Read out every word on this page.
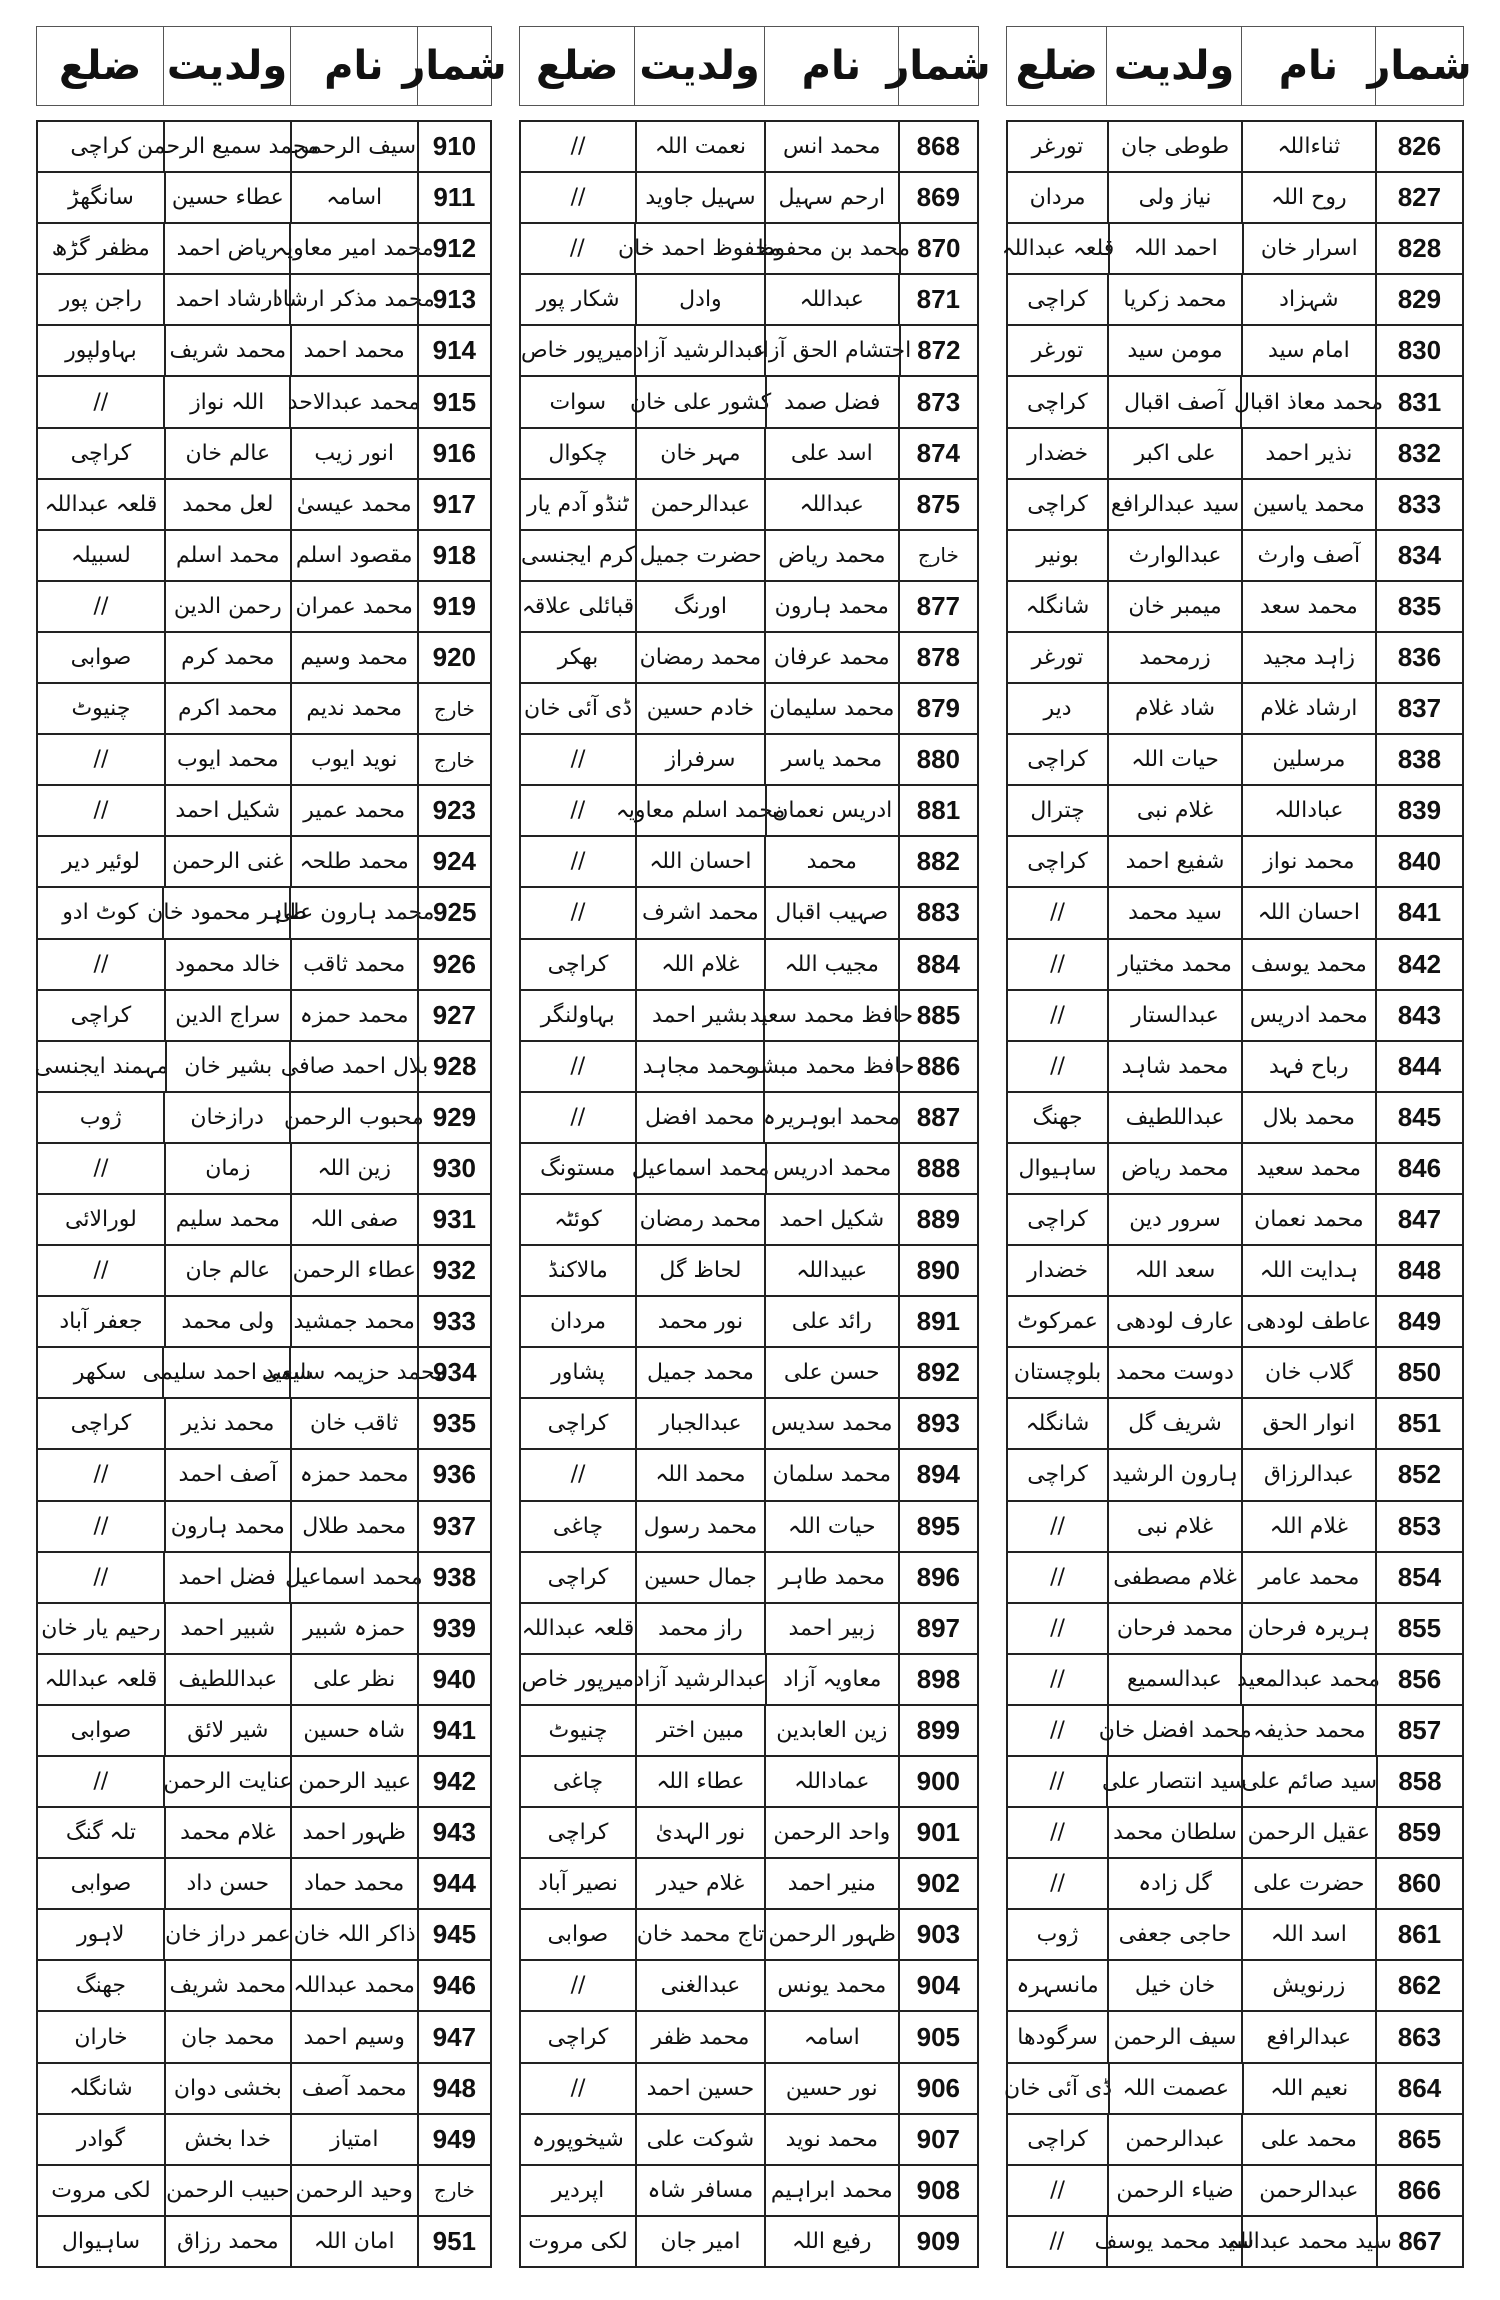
شمار
نام
ولدیت
ضلع
826
ثناءاللہ
طوطی جان
تورغر
827
روح اللہ
نیاز ولی
مردان
828
اسرار خان
احمد اللہ
قلعہ عبداللہ
829
شہزاد
محمد زکریا
کراچی
830
امام سید
مومن سید
تورغر
831
محمد معاذ اقبال
آصف اقبال
کراچی
832
نذیر احمد
علی اکبر
خضدار
833
محمد یاسین
سید عبدالرافع
کراچی
834
آصف وارث
عبدالوارث
بونیر
835
محمد سعد
میمبر خان
شانگلہ
836
زاہد مجید
زرمحمد
تورغر
837
ارشاد غلام
شاد غلام
دیر
838
مرسلین
حیات اللہ
کراچی
839
عباداللہ
غلام نبی
چترال
840
محمد نواز
شفیع احمد
کراچی
841
احسان اللہ
سید محمد
//
842
محمد یوسف
محمد مختیار
//
843
محمد ادریس
عبدالستار
//
844
رباح فہد
محمد شاہد
//
845
محمد بلال
عبداللطیف
جھنگ
846
محمد سعید
محمد ریاض
ساہیوال
847
محمد نعمان
سرور دین
کراچی
848
ہدایت اللہ
سعد اللہ
خضدار
849
عاطف لودھی
عارف لودھی
عمرکوٹ
850
گلاب خان
دوست محمد
بلوچستان
851
انوار الحق
شریف گل
شانگلہ
852
عبدالرزاق
ہارون الرشید
کراچی
853
غلام اللہ
غلام نبی
//
854
محمد عامر
غلام مصطفی
//
855
ہریرہ فرحان
محمد فرحان
//
856
محمد عبدالمعید
عبدالسمیع
//
857
محمد حذیفہ
محمد افضل خان
//
858
سید صائم علی
سید انتصار علی
//
859
عقیل الرحمن
سلطان محمد
//
860
حضرت علی
گل زادہ
//
861
اسد اللہ
حاجی جعفی
ژوب
862
زرنویش
خان خیل
مانسہرہ
863
عبدالرافع
سیف الرحمن
سرگودھا
864
نعیم اللہ
عصمت اللہ
ڈی آئی خان
865
محمد علی
عبدالرحمن
کراچی
866
عبدالرحمن
ضیاء الرحمن
//
867
سید محمد عبداللہ
سید محمد یوسف
//
شمار
نام
ولدیت
ضلع
868
محمد انس
نعمت اللہ
//
869
ارحم سہیل
سہیل جاوید
//
870
محمد بن محفوظ
محفوظ احمد خان
//
871
عبداللہ
وادل
شکار پور
872
احتشام الحق آزاد
عبدالرشید آزاد
میرپور خاص
873
فضل صمد
کشور علی خان
سوات
874
اسد علی
مہر خان
چکوال
875
عبداللہ
عبدالرحمن
ٹنڈو آدم یار
خارج
محمد ریاض
حضرت جمیل
کرم ایجنسی
877
محمد ہارون
اورنگ
قبائلی علاقہ
878
محمد عرفان
محمد رمضان
بھکر
879
محمد سلیمان
خادم حسین
ڈی آئی خان
880
محمد یاسر
سرفراز
//
881
ادریس نعمان
محمد اسلم معاویہ
//
882
محمد
احسان اللہ
//
883
صہیب اقبال
محمد اشرف
//
884
مجیب اللہ
غلام اللہ
کراچی
885
حافظ محمد سعید
بشیر احمد
بہاولنگر
886
حافظ محمد مبشر
محمد مجاہد
//
887
محمد ابوہریرہ
محمد افضل
//
888
محمد ادریس
محمد اسماعیل
مستونگ
889
شکیل احمد
محمد رمضان
کوئٹہ
890
عبیداللہ
لحاظ گل
مالاکنڈ
891
رائد علی
نور محمد
مردان
892
حسن علی
محمد جمیل
پشاور
893
محمد سدیس
عبدالجبار
کراچی
894
محمد سلمان
محمد اللہ
//
895
حیات اللہ
محمد رسول
چاغی
896
محمد طاہر
جمال حسین
کراچی
897
زبیر احمد
راز محمد
قلعہ عبداللہ
898
معاویہ آزاد
عبدالرشید آزاد
میرپور خاص
899
زین العابدین
مبین اختر
چنیوٹ
900
عماداللہ
عطاء اللہ
چاغی
901
واحد الرحمن
نور الہدیٰ
کراچی
902
منیر احمد
غلام حیدر
نصیر آباد
903
ظہور الرحمن
تاج محمد خان
صوابی
904
محمد یونس
عبدالغنی
//
905
اسامہ
محمد ظفر
کراچی
906
نور حسین
حسین احمد
//
907
محمد نوید
شوکت علی
شیخوپورہ
908
محمد ابراہیم
مسافر شاہ
اپردیر
909
رفیع اللہ
امیر جان
لکی مروت
شمار
نام
ولدیت
ضلع
910
سیف الرحمن
محمد سمیع الرحمن
کراچی
911
اسامہ
عطاء حسین
سانگھڑ
912
محمد امیر معاویہ
ریاض احمد
مظفر گڑھ
913
محمد مذکر ارشاد
ارشاد احمد
راجن پور
914
محمد احمد
محمد شریف
بہاولپور
915
محمد عبدالاحد
اللہ نواز
//
916
انور زیب
عالم خان
کراچی
917
محمد عیسیٰ
لعل محمد
قلعہ عبداللہ
918
مقصود اسلم
محمد اسلم
لسبیلہ
919
محمد عمران
رحمن الدین
//
920
محمد وسیم
محمد کرم
صوابی
خارج
محمد ندیم
محمد اکرم
چنیوٹ
خارج
نوید ایوب
محمد ایوب
//
923
محمد عمیر
شکیل احمد
//
924
محمد طلحہ
غنی الرحمن
لوئیر دیر
925
محمد ہارون علی
طاہر محمود خان
کوٹ ادو
926
محمد ثاقب
خالد محمود
//
927
محمد حمزہ
سراج الدین
کراچی
928
بلال احمد صافی
بشیر خان
مہمند ایجنسی
929
محبوب الرحمن
درازخان
ژوب
930
زین اللہ
زمان
//
931
صفی اللہ
محمد سلیم
لورالائی
932
عطاء الرحمن
عالم جان
//
933
محمد جمشید
ولی محمد
جعفر آباد
934
محمد حزیمہ سلیمی
سعید احمد سلیمی
سکھر
935
ثاقب خان
محمد نذیر
کراچی
936
محمد حمزہ
آصف احمد
//
937
محمد طلال
محمد ہارون
//
938
محمد اسماعیل
فضل احمد
//
939
حمزہ شبیر
شبیر احمد
رحیم یار خان
940
نظر علی
عبداللطیف
قلعہ عبداللہ
941
شاہ حسین
شیر لائق
صوابی
942
عبید الرحمن
عنایت الرحمن
//
943
ظہور احمد
غلام محمد
تلہ گنگ
944
محمد حماد
حسن داد
صوابی
945
ذاکر اللہ خان
عمر دراز خان
لاہور
946
محمد عبداللہ
محمد شریف
جھنگ
947
وسیم احمد
محمد جان
خاران
948
محمد آصف
بخشی دوان
شانگلہ
949
امتیاز
خدا بخش
گوادر
خارج
وحید الرحمن
حبیب الرحمن
لکی مروت
951
امان اللہ
محمد رزاق
ساہیوال
